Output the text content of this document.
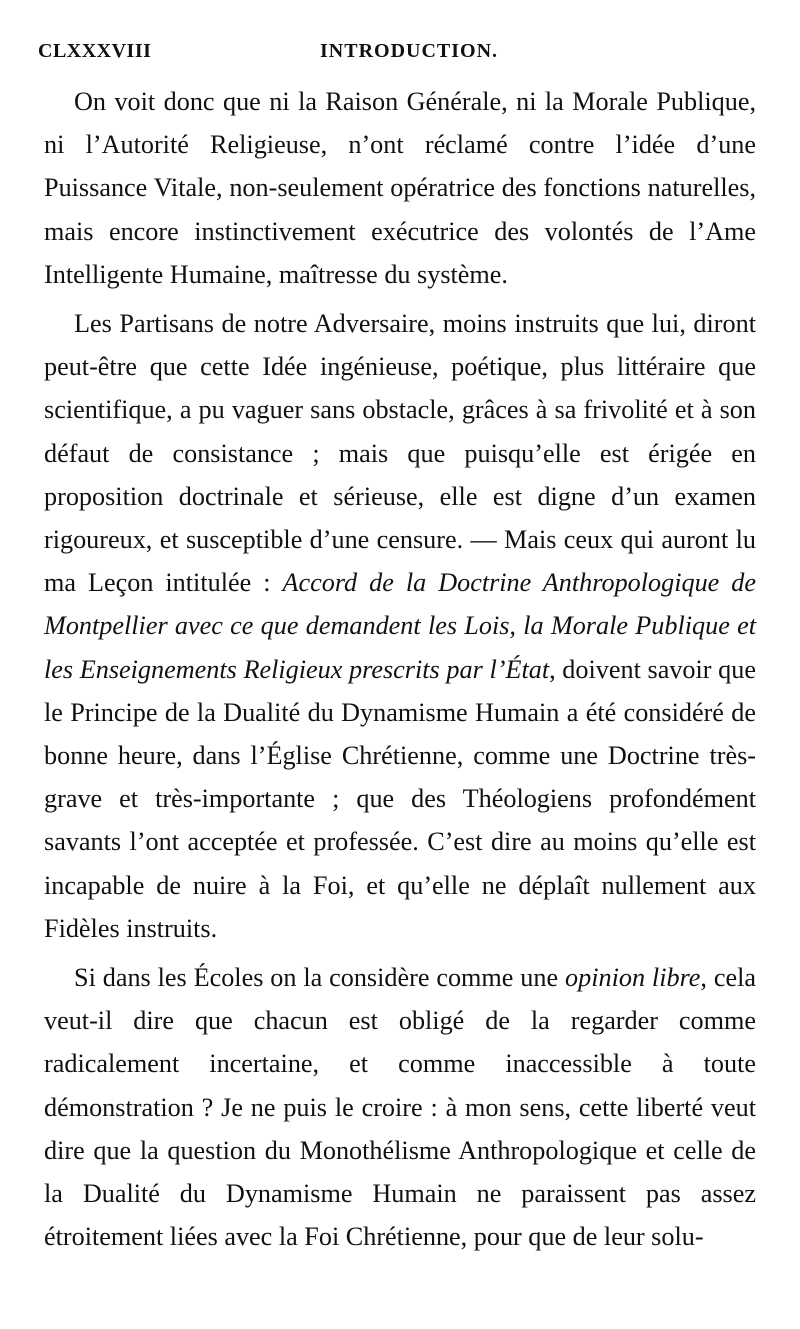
CLXXXVIII	INTRODUCTION.

On voit donc que ni la Raison Générale, ni la Morale Publique, ni l’Autorité Religieuse, n’ont réclamé contre l’idée d’une Puissance Vitale, non-seulement opératrice des fonctions naturelles, mais encore instinctivement exécutrice des volontés de l’Ame Intelligente Humaine, maîtresse du système.

Les Partisans de notre Adversaire, moins instruits que lui, diront peut-être que cette Idée ingénieuse, poétique, plus littéraire que scientifique, a pu vaguer sans obstacle, grâces à sa frivolité et à son défaut de consistance ; mais que puisqu’elle est érigée en proposition doctrinale et sérieuse, elle est digne d’un examen rigoureux, et susceptible d’une censure. — Mais ceux qui auront lu ma Leçon intitulée : Accord de la Doctrine Anthropologique de Montpellier avec ce que demandent les Lois, la Morale Publique et les Enseignements Religieux prescrits par l’État, doivent savoir que le Principe de la Dualité du Dynamisme Humain a été considéré de bonne heure, dans l’Église Chrétienne, comme une Doctrine très-grave et très-importante ; que des Théologiens profondément savants l’ont acceptée et professée. C’est dire au moins qu’elle est incapable de nuire à la Foi, et qu’elle ne déplaît nullement aux Fidèles instruits.

Si dans les Écoles on la considère comme une opinion libre, cela veut-il dire que chacun est obligé de la regarder comme radicalement incertaine, et comme inaccessible à toute démonstration ? Je ne puis le croire : à mon sens, cette liberté veut dire que la question du Monothélisme Anthropologique et celle de la Dualité du Dynamisme Humain ne paraissent pas assez étroitement liées avec la Foi Chrétienne, pour que de leur solu-
